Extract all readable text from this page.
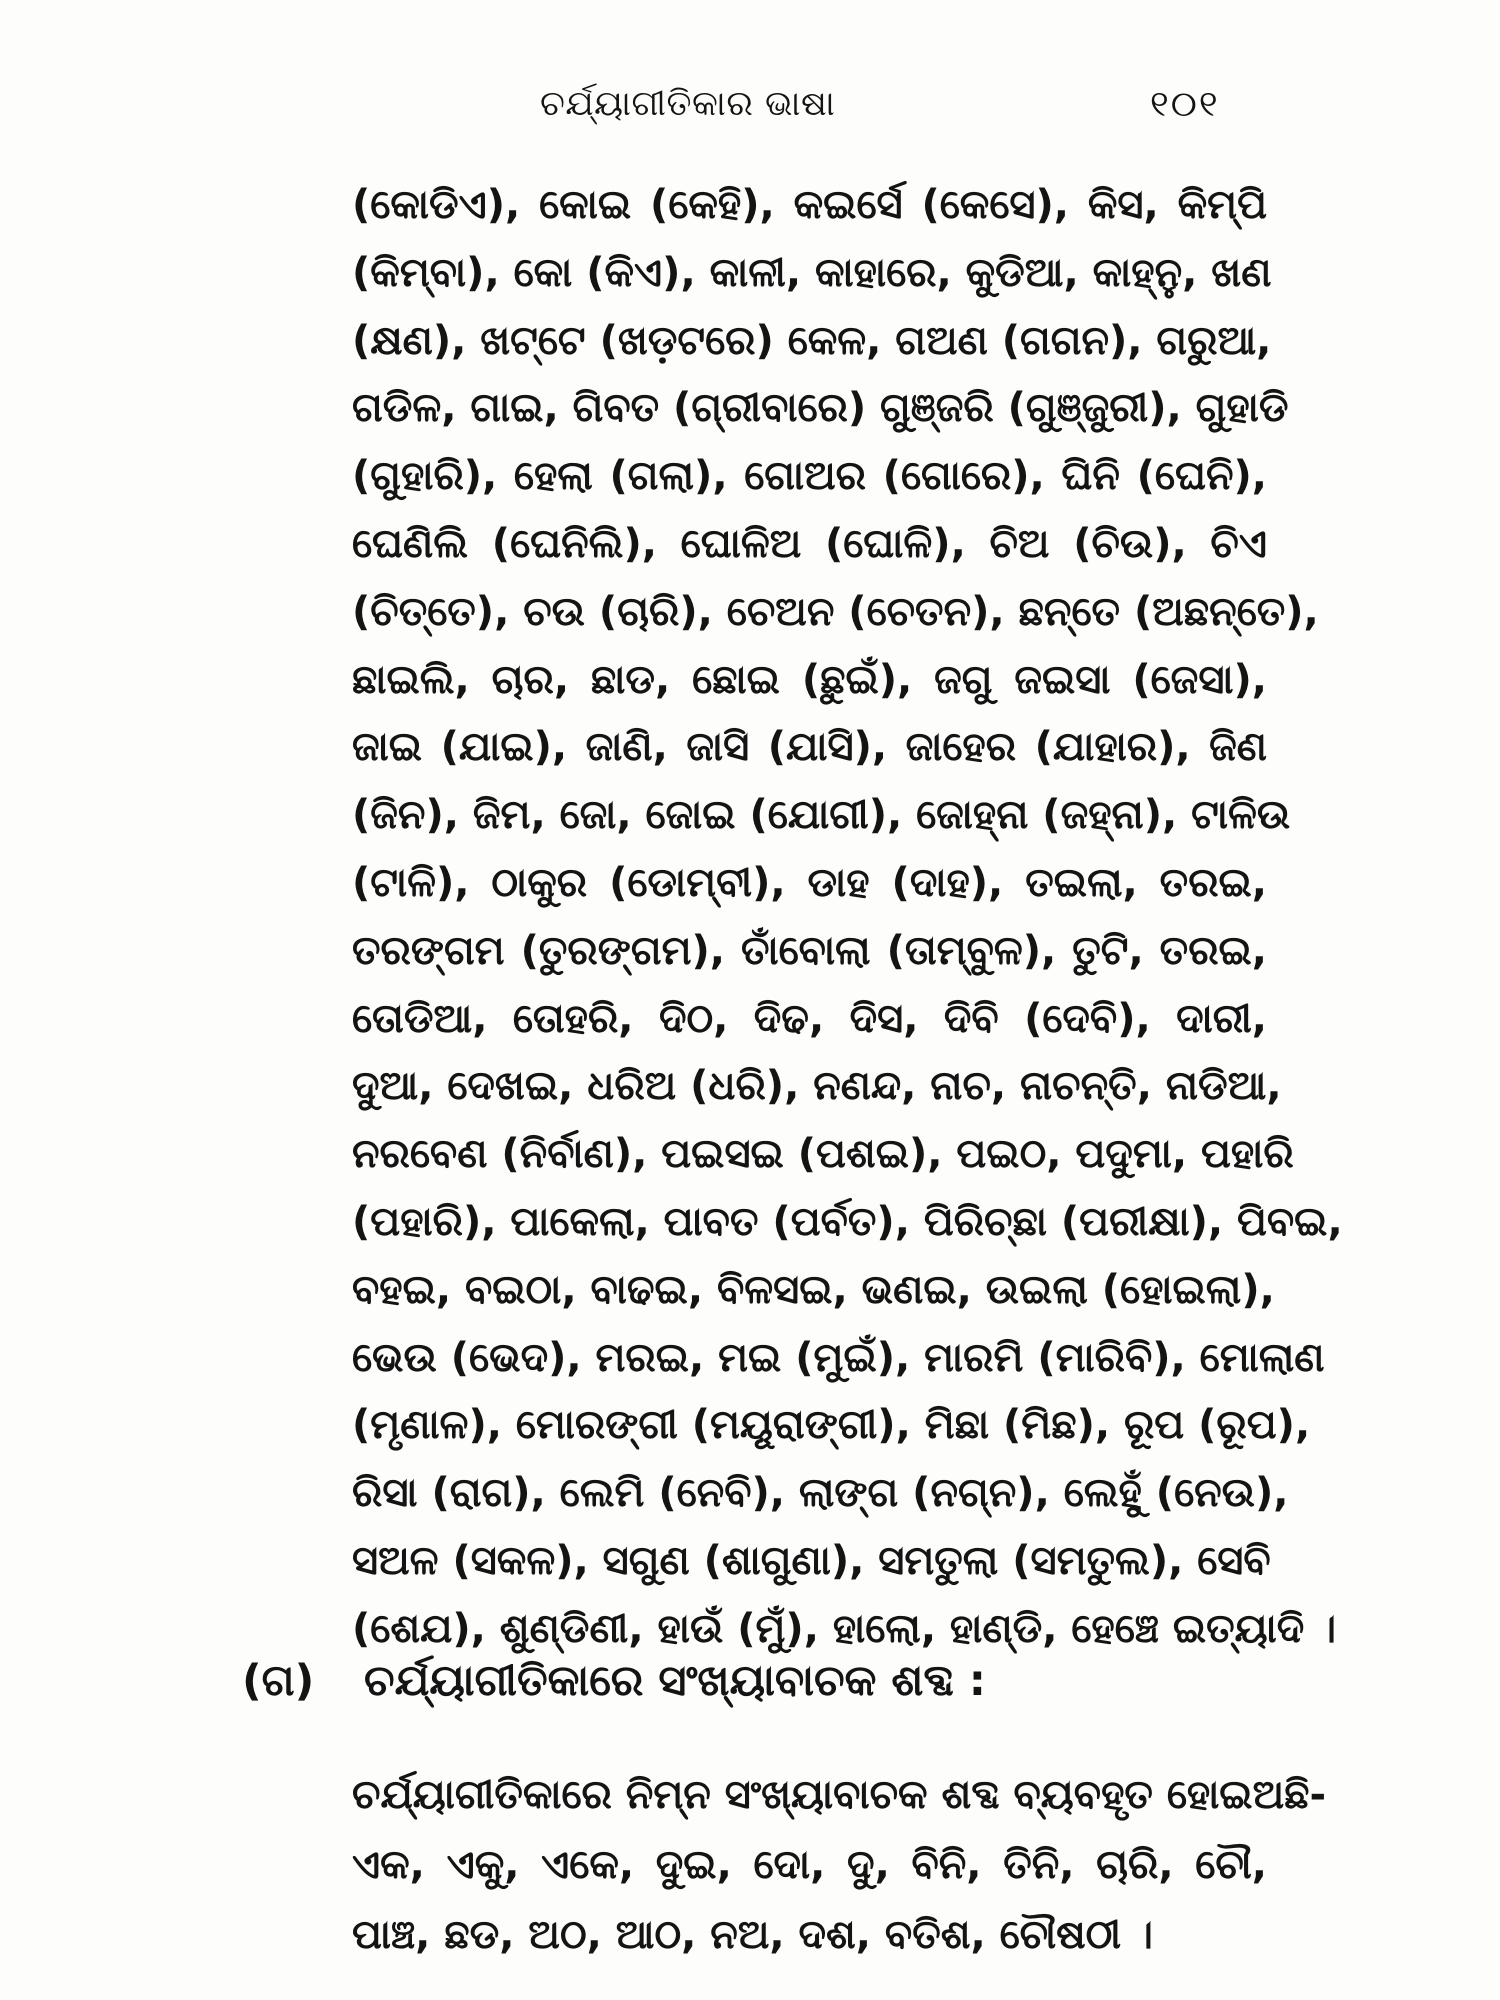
ଚର୍ଯ୍ୟାଗୀତିକାର ଭାଷା	୧୦୧
(କୋଡିଏ), କୋଇ (କେହି), କଇର୍ସେ (କେସେ), କିସ, କିମ୍ପି
(କିମ୍ବା), କୋ (କିଏ), କାଳୀ, କାହାରେ, କୁଡିଆ, କାହ୍ନୁ, ଖଣ
(କ୍ଷଣ), ଖଟ୍‌ଟେ (ଖଡ଼ଟରେ) କେଳ, ଗଅଣ (ଗଗନ), ଗରୁଆ,
ଗଡିଳ, ଗାଇ, ଗିବତ (ଗ୍ରୀବାରେ) ଗୁଞ୍ଜରି (ଗୁଞ୍ଜୁରୀ), ଗୁହାଡି
(ଗୁହାରି), ହେଲା (ଗଲା), ଗୋଅର (ଗୋରେ), ଘିନି (ଘେନି),
ଘେଣିଲି (ଘେନିଲି), ଘୋଳିଅ (ଘୋଳି), ଚିଅ (ଚିଉ), ଚିଏ
(ଚିତ୍ତେ), ଚଉ (ଚାରି), ଚେଅନ (ଚେତନ), ଛନ୍ତେ (ଅଛନ୍ତେ),
ଛାଇଲି, ଚାର, ଛାଡ, ଛୋଇ (ଛୁଇଁ), ଜଗୁ ଜଇସା (ଜେସା),
ଜାଇ (ଯାଇ), ଜାଣି, ଜାସି (ଯାସି), ଜାହେର (ଯାହାର), ଜିଣ
(ଜିନ), ଜିମ, ଜୋ, ଜୋଇ (ଯୋଗୀ), ଜୋହ୍ନା (ଜହ୍ନା), ଟାଳିଉ
(ଟାଳି), ଠାକୁର (ଡୋମ୍ବୀ), ଡାହ (ଦାହ), ତଇଲା, ତରଇ,
ତରଙ୍ଗମ (ତୁରଙ୍ଗମ), ତାଁବୋଲା (ତାମ୍ବୁଳ), ତୁଟି, ତରଇ,
ତୋଡିଆ, ତୋହରି, ଦିଠ, ଦିଢ, ଦିସ, ଦିବି (ଦେବି), ଦାରୀ,
ଦୁଆ, ଦେଖଇ, ଧରିଅ (ଧରି), ନଣନ୍ଦ, ନାଚ, ନାଚନ୍ତି, ନାଡିଆ,
ନରବେଣ (ନିର୍ବାଣ), ପଇସଇ (ପଶଇ), ପଇଠ, ପଦୁମା, ପହାରି
(ପହାରି), ପାକେଲା, ପାବତ (ପର୍ବତ), ପିରିଚ୍ଛା (ପରୀକ୍ଷା), ପିବଇ,
ବହଇ, ବଇଠା, ବାଢଇ, ବିଳସଇ, ଭଣଇ, ଉଇଲା (ହୋଇଲା),
ଭେଉ (ଭେଦ), ମରଇ, ମଇ (ମୁଇଁ), ମାରମି (ମାରିବି), ମୋଲାଣ
(ମୃଣାଳ), ମୋରଙ୍ଗୀ (ମୟୂରାଙ୍ଗୀ), ମିଛା (ମିଛ), ରୂପ (ରୂପ),
ରିସା (ରାଗ), ଲେମି (ନେବି), ଲାଙ୍ଗ (ନଗ୍ନ), ଲେହୁଁ (ନେଉ),
ସଅଳ (ସକଳ), ସଗୁଣ (ଶାଗୁଣା), ସମତୁଲା (ସମତୁଲ), ସେବି
(ଶେଯ), ଶୁଣ୍ଡିଣୀ, ହାଉଁ (ମୁଁ), ହାଲୋ, ହାଣ୍ଡି, ହେଞ୍ଚେ ଇତ୍ୟାଦି ।
(ଗ) ଚର୍ଯ୍ୟାଗୀତିକାରେ ସଂଖ୍ୟାବାଚକ ଶବ୍ଦ :
ଚର୍ଯ୍ୟାଗୀତିକାରେ ନିମ୍ନ ସଂଖ୍ୟାବାଚକ ଶବ୍ଦ ବ୍ୟବହୃତ ହୋଇଅଛି-
ଏକ, ଏକୁ, ଏକେ, ଦୁଇ, ଦୋ, ଦୁ, ବିନି, ତିନି, ଚାରି, ଚୌ,
ପାଞ୍ଚ, ଛଡ, ଅଠ, ଆଠ, ନଅ, ଦଶ, ବତିଶ, ଚୌଷଠୀ ।
